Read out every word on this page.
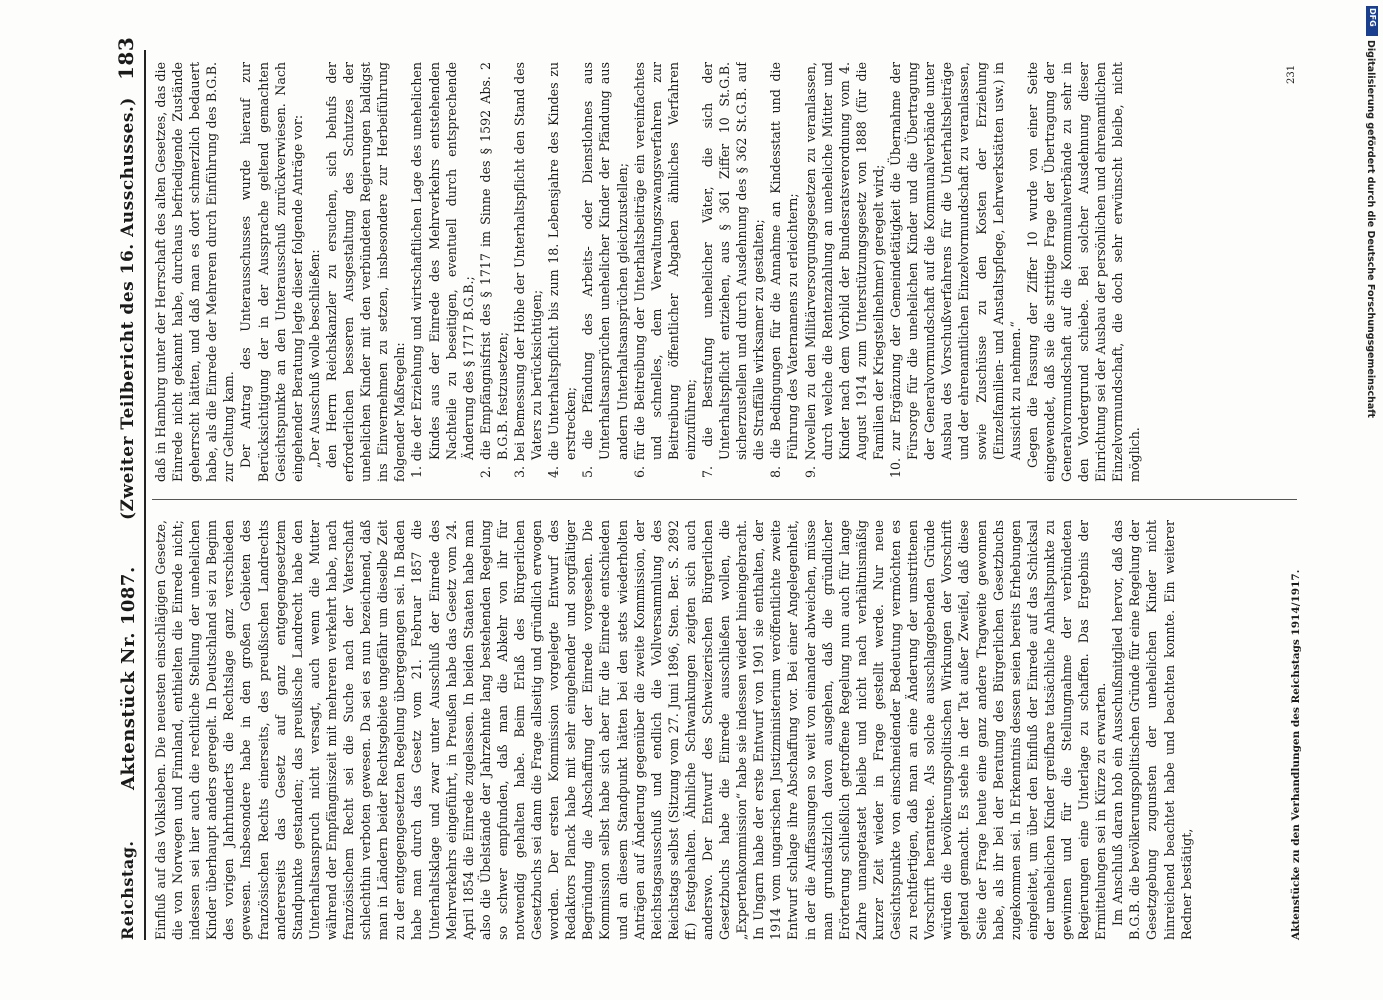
Reichstag.
Aktenstück Nr. 1087.
(Zweiter Teilbericht des 16. Ausschusses.)
183

Einfluß auf das Volksleben. Die neuesten einschlägigen Gesetze, die von Norwegen und Finnland, enthielten die Einrede nicht; indessen sei hier auch die rechtliche Stellung der unehelichen Kinder überhaupt anders geregelt. In Deutschland sei zu Beginn des vorigen Jahrhunderts die Rechtslage ganz verschieden gewesen. Insbesondere habe in den großen Gebieten des französischen Rechts einerseits, des preußischen Landrechts andererseits das Gesetz auf ganz entgegengesetztem Standpunkte gestanden; das preußische Landrecht habe den Unterhaltsanspruch nicht versagt, auch wenn die Mutter während der Empfängniszeit mit mehreren verkehrt habe, nach französischem Recht sei die Suche nach der Vaterschaft schlechthin verboten gewesen. Da sei es nun bezeichnend, daß man in Ländern beider Rechtsgebiete ungefähr um dieselbe Zeit zu der entgegengesetzten Regelung übergegangen sei. In Baden habe man durch das Gesetz vom 21. Februar 1857 die Unterhaltsklage und zwar unter Ausschluß der Einrede des Mehrverkehrs eingeführt, in Preußen habe das Gesetz vom 24. April 1854 die Einrede zugelassen. In beiden Staaten habe man also die Übelstände der Jahrzehnte lang bestehenden Regelung so schwer empfunden, daß man die Abkehr von ihr für notwendig gehalten habe. Beim Erlaß des Bürgerlichen Gesetzbuchs sei dann die Frage allseitig und gründlich erwogen worden. Der ersten Kommission vorgelegte Entwurf des Redaktors Planck habe mit sehr eingehender und sorgfältiger Begründung die Abschaffung der Einrede vorgesehen. Die Kommission selbst habe sich aber für die Einrede entschieden und an diesem Standpunkt hätten bei den stets wiederholten Anträgen auf Änderung gegenüber die zweite Kommission, der Reichstagsausschuß und endlich die Vollversammlung des Reichstags selbst (Sitzung vom 27. Juni 1896, Sten. Ber. S. 2892 ff.) festgehalten. Ähnliche Schwankungen zeigten sich auch anderswo. Der Entwurf des Schweizerischen Bürgerlichen Gesetzbuchs habe die Einrede ausschließen wollen, die „Expertenkommission“ habe sie indessen wieder hineingebracht. In Ungarn habe der erste Entwurf von 1901 sie enthalten, der 1914 vom ungarischen Justizministerium veröffentlichte zweite Entwurf schlage ihre Abschaffung vor. Bei einer Angelegenheit, in der die Auffassungen so weit von einander abweichen, müsse man grundsätzlich davon ausgehen, daß die gründlicher Erörterung schließlich getroffene Regelung nun auch für lange Zahre unangetastet bleibe und nicht nach verhältnismäßig kurzer Zeit wieder in Frage gestellt werde. Nur neue Gesichtspunkte von einschneidender Bedeutung vermöchten es zu rechtfertigen, daß man an eine Änderung der umstrittenen Vorschrift herantrete. Als solche ausschlaggebenden Gründe würden die bevölkerungspolitischen Wirkungen der Vorschrift geltend gemacht. Es stehe in der Tat außer Zweifel, daß diese Seite der Frage heute eine ganz andere Tragweite gewonnen habe, als ihr bei der Beratung des Bürgerlichen Gesetzbuchs zugekommen sei. In Erkenntnis dessen seien bereits Erhebungen eingeleitet, um über den Einfluß der Einrede auf das Schicksal der unehelichen Kinder greifbare tatsächliche Anhaltspunkte zu gewinnen und für die Stellungnahme der verbündeten Regierungen eine Unterlage zu schaffen. Das Ergebnis der Ermittelungen sei in Kürze zu erwarten. Im Anschluß daran hob ein Ausschußmitglied hervor, daß das B.G.B. die bevölkerungspolitischen Gründe für eine Regelung der Gesetzgebung zugunsten der unehelichen Kinder nicht hinreichend beachtet habe und beachten konnte. Ein weiterer Redner bestätigt,

daß in Hamburg unter der Herrschaft des alten Gesetzes, das die Einrede nicht gekannt habe, durchaus befriedigende Zustände geherrscht hätten, und daß man es dort schmerzlich bedauert habe, als die Einrede der Mehreren durch Einführung des B.G.B. zur Geltung kam. Der Antrag des Unterausschusses wurde hierauf zur Berücksichtigung der in der Aussprache geltend gemachten Gesichtspunkte an den Unterausschuß zurückverwiesen. Nach eingehender Beratung legte dieser folgende Anträge vor: „Der Ausschuß wolle beschließen: den Herrn Reichskanzler zu ersuchen, sich behufs der erforderlichen besseren Ausgestaltung des Schutzes der unehelichen Kinder mit den verbündeten Regierungen baldigst ins Einvernehmen zu setzen, insbesondere zur Herbeiführung folgender Maßregeln: 1. die der Erziehung und wirtschaftlichen Lage des unehelichen Kindes aus der Einrede des Mehrverkehrs entstehenden Nachteile zu beseitigen, eventuell durch entsprechende Änderung des § 1717 B.G.B.; 2. die Empfängnisfrist des § 1717 im Sinne des § 1592 Abs. 2 B.G.B. festzusetzen; 3. bei Bemessung der Höhe der Unterhaltspflicht den Stand des Vaters zu berücksichtigen; 4. die Unterhaltspflicht bis zum 18. Lebensjahre des Kindes zu erstrecken; 5. die Pfändung des Arbeits- oder Dienstlohnes aus Unterhaltsansprüchen unehelicher Kinder der Pfändung aus andern Unterhaltsansprüchen gleichzustellen; 6. für die Beitreibung der Unterhaltsbeiträge ein vereinfachtes und schnelles, dem Verwaltungszwangsverfahren zur Beitreibung öffentlicher Abgaben ähnliches Verfahren einzuführen; 7. die Bestrafung unehelicher Väter, die sich der Unterhaltspflicht entziehen, aus § 361 Ziffer 10 St.G.B. sicherzustellen und durch Ausdehnung des § 362 St.G.B. auf die Straffälle wirksamer zu gestalten; 8. die Bedingungen für die Annahme an Kindesstatt und die Führung des Vaternamens zu erleichtern; 9. Novellen zu den Militärversorgungsgesetzen zu veranlassen, durch welche die Rentenzahlung an uneheliche Mütter und Kinder nach dem Vorbild der Bundesratsverordnung vom 4. August 1914 zum Unterstützungsgesetz von 1888 (für die Familien der Kriegsteilnehmer) geregelt wird; 10. zur Ergänzung der Gemeindetätigkeit die Übernahme der Fürsorge für die unehelichen Kinder und die Übertragung der Generalvormundschaft auf die Kommunalverbände unter Ausbau des Vorschußverfahrens für die Unterhaltsbeiträge und der ehrenamtlichen Einzelvormundschaft zu veranlassen, sowie Zuschüsse zu den Kosten der Erziehung (Einzelfamilien- und Anstaltspflege, Lehrwerkstätten usw.) in Aussicht zu nehmen.“ Gegen die Fassung der Ziffer 10 wurde von einer Seite eingewendet, daß sie die strittige Frage der Übertragung der Generalvormundschaft auf die Kommunalverbände zu sehr in den Vordergrund schiebe. Bei solcher Ausdehnung dieser Einrichtung sei der Ausbau der persönlichen und ehrenamtlichen Einzelvormundschaft, die doch sehr erwünscht bleibe, nicht möglich.

Aktenstücke zu den Verhandlungen des Reichstags 1914/1917.
231
DFG
Digitalisierung gefördert durch die Deutsche Forschungsgemeinschaft
